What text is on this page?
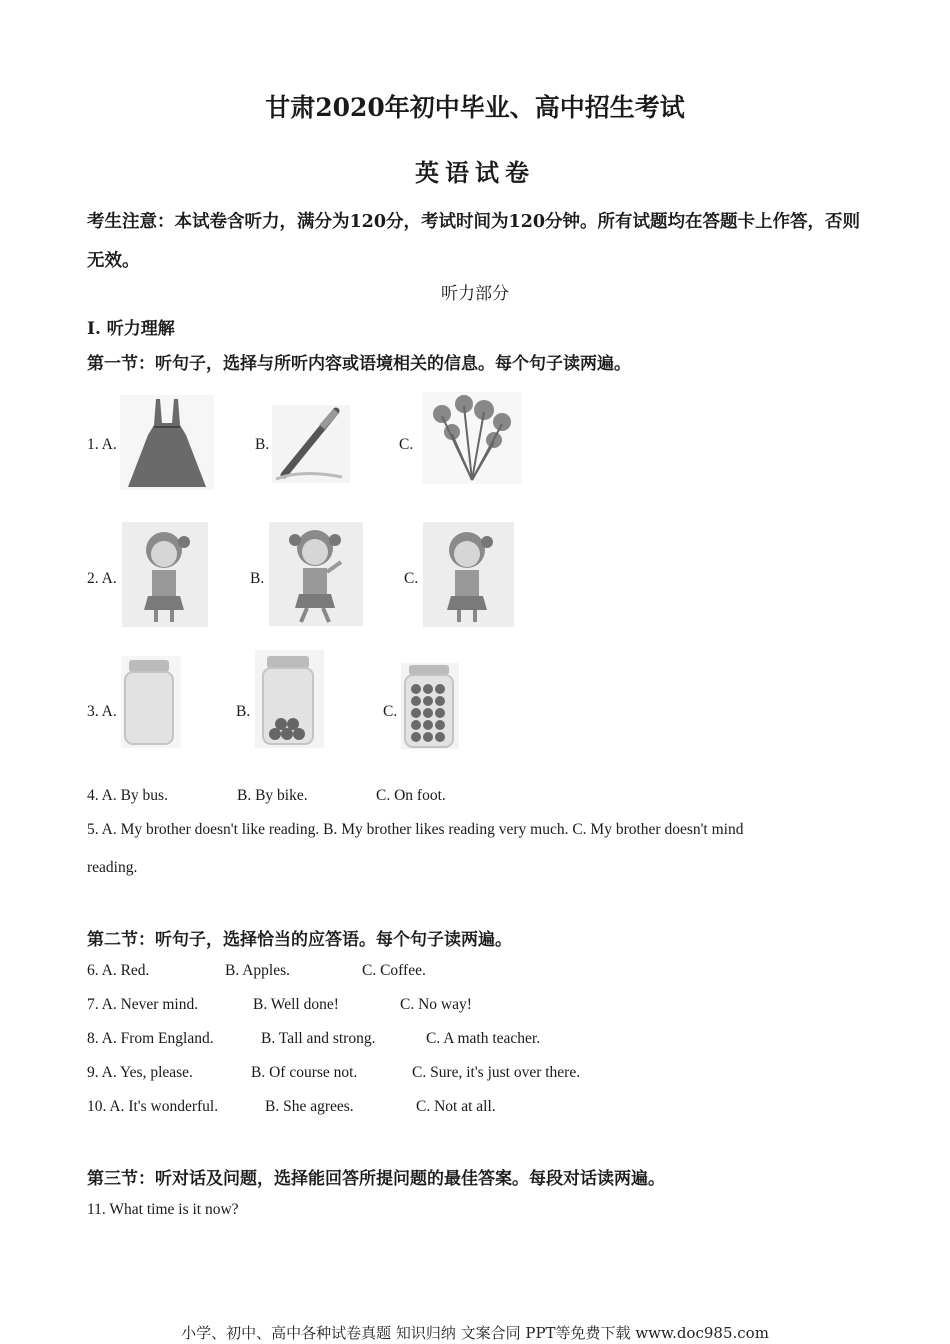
甘肃2020年初中毕业、高中招生考试
英语试卷
考生注意：本试卷含听力，满分为120分，考试时间为120分钟。所有试题均在答题卡上作答，否则无效。
听力部分
I. 听力理解
第一节：听句子，选择与所听内容或语境相关的信息。每个句子读两遍。
1. A.	B.	C.
2. A.	B.	C.
3. A.	B.	C.
4. A. By bus.	B. By bike.	C. On foot.
5. A. My brother doesn't like reading. B. My brother likes reading very much. C. My brother doesn't mind
reading.
第二节：听句子，选择恰当的应答语。每个句子读两遍。
6. A. Red.	B. Apples.	C. Coffee.
7. A. Never mind.	B. Well done!	C. No way!
8. A. From England.	B. Tall and strong.	C. A math teacher.
9. A. Yes, please.	B. Of course not.	C. Sure, it's just over there.
10. A. It's wonderful.	B. She agrees.	C. Not at all.
第三节：听对话及问题，选择能回答所提问题的最佳答案。每段对话读两遍。
11. What time is it now?
小学、初中、高中各种试卷真题 知识归纳 文案合同 PPT等免费下载 www.doc985.com
